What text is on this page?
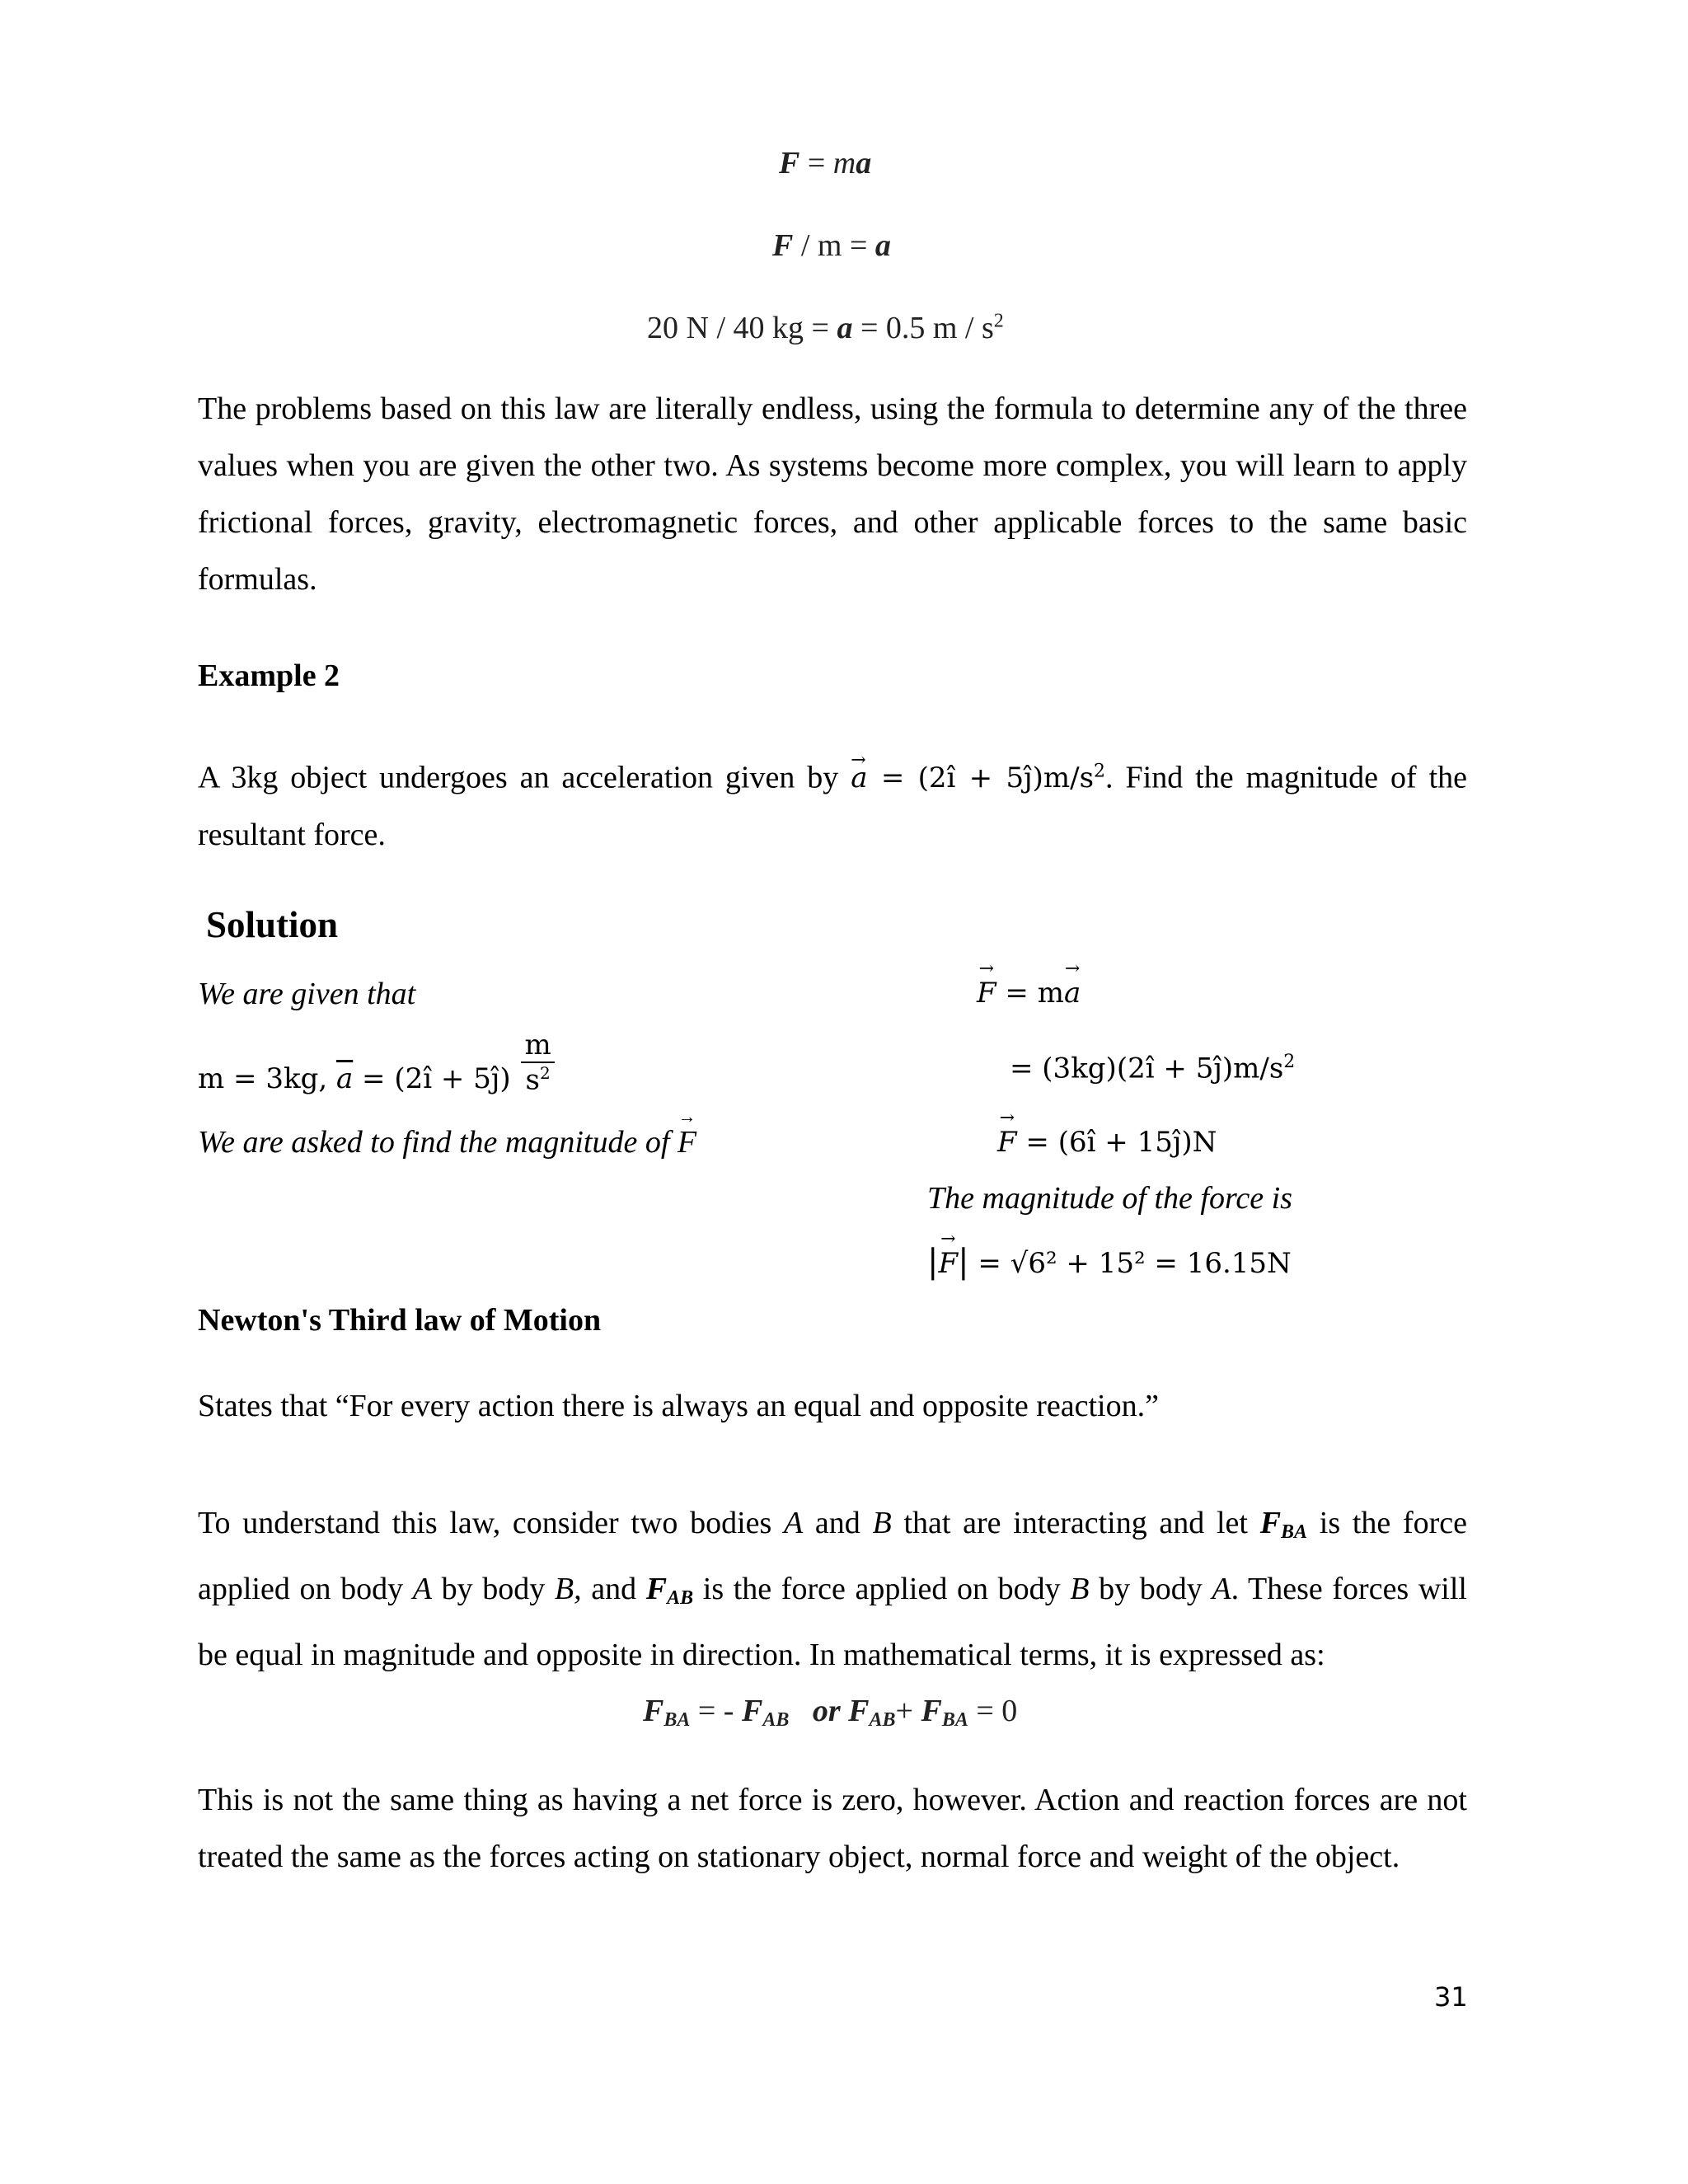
F = ma
F / m = a
20 N / 40 kg = a = 0.5 m / $s^2$
The problems based on this law are literally endless, using the formula to determine any of the three values when you are given the other two. As systems become more complex, you will learn to apply frictional forces, gravity, electromagnetic forces, and other applicable forces to the same basic formulas.
Example 2
A 3kg object undergoes an acceleration given by → a = (2î + $5ĵ)m/s^2$. Find the magnitude of the resultant force.
Solution
We are given that
m = 3kg, $\overline{a}$ = (2î + 5ĵ) $\frac{m}{s^2}$
We are asked to find the magnitude of → F
→ F = m→ a
= (3kg)(2î + $5ĵ)m/s^2$
→ F = (6î + 15ĵ)N
The magnitude of the force is
|→ F| = √6² + 15² = 16.15N
Newton's Third law of Motion
States that “For every action there is always an equal and opposite reaction.”
To understand this law, consider two bodies A and B that are interacting and let $F_{BA}$ is the force applied on body A by body B, and $F_{AB}$ is the force applied on body B by body A. These forces will be equal in magnitude and opposite in direction. In mathematical terms, it is expressed as:
$F_{BA}$ = - $F_{AB}$   or $F_{AB}+ F_{BA} = 0$
This is not the same thing as having a net force is zero, however. Action and reaction forces are not treated the same as the forces acting on stationary object, normal force and weight of the object.
31
